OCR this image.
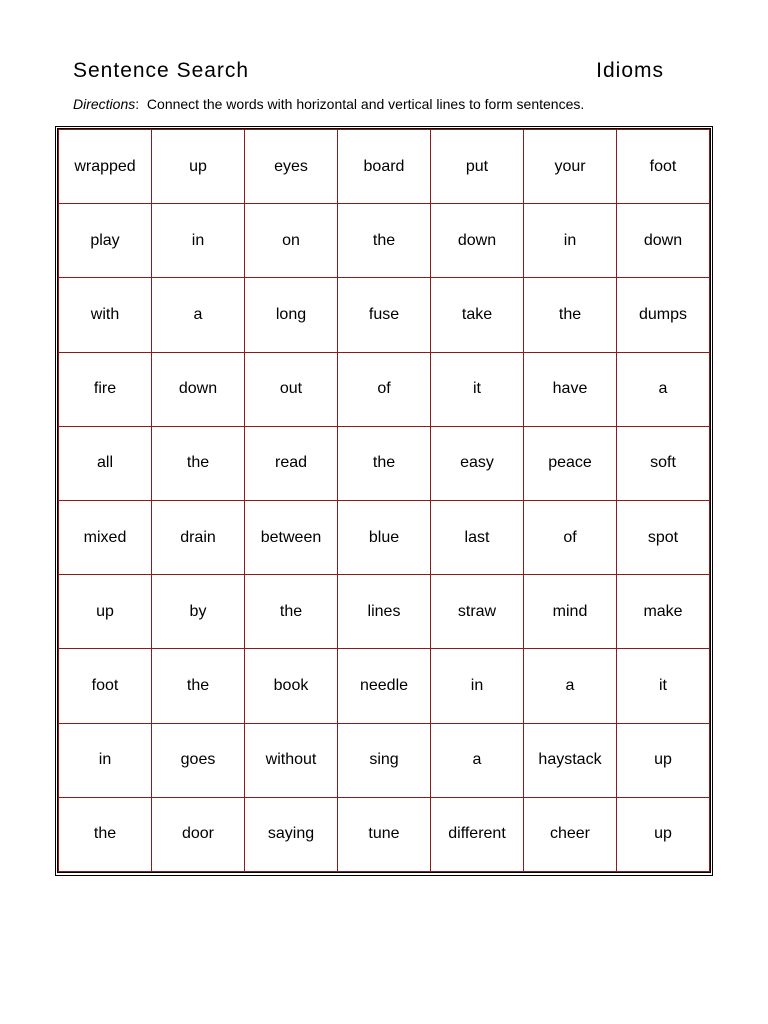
Sentence Search	Idioms
Directions: Connect the words with horizontal and vertical lines to form sentences.
wrapped	up	eyes	board	put	your	foot
play	in	on	the	down	in	down
with	a	long	fuse	take	the	dumps
fire	down	out	of	it	have	a
all	the	read	the	easy	peace	soft
mixed	drain	between	blue	last	of	spot
up	by	the	lines	straw	mind	make
foot	the	book	needle	in	a	it
in	goes	without	sing	a	haystack	up
the	door	saying	tune	different	cheer	up
